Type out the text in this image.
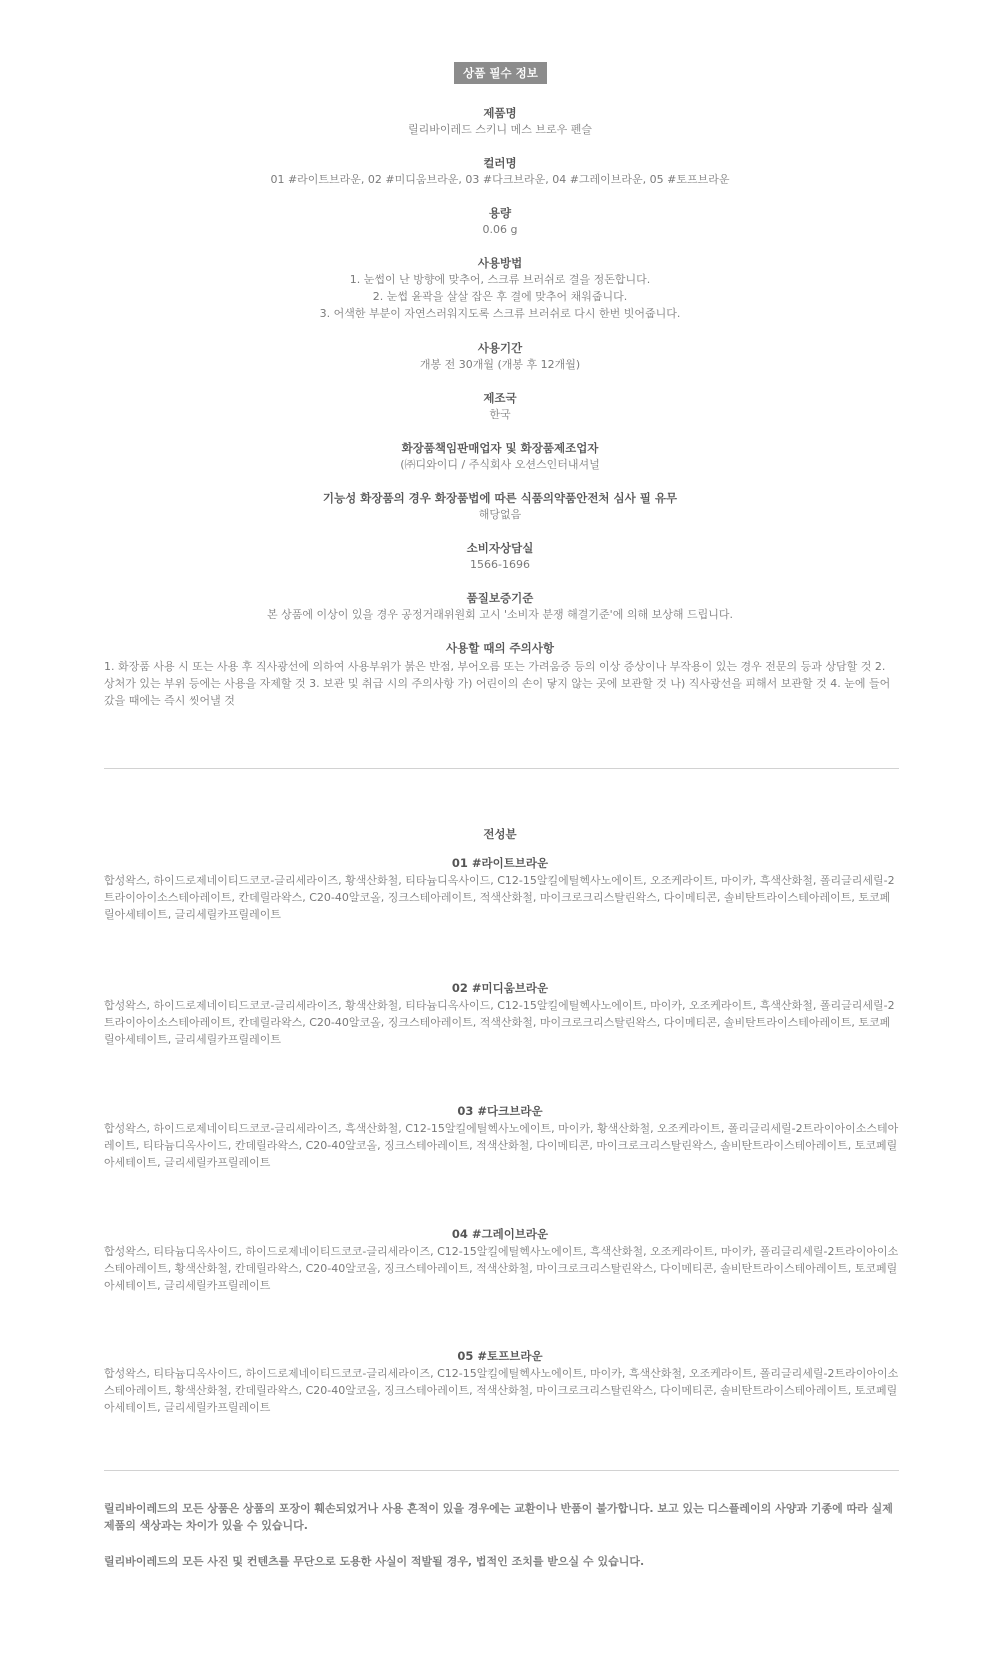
상품 필수 정보
제품명
릴리바이레드 스키니 메스 브로우 펜슬
컬러명
01 #라이트브라운, 02 #미디움브라운, 03 #다크브라운, 04 #그레이브라운, 05 #토프브라운
용량
0.06 g
사용방법
1. 눈썹이 난 방향에 맞추어, 스크류 브러쉬로 결을 정돈합니다.
2. 눈썹 윤곽을 살살 잡은 후 결에 맞추어 채워줍니다.
3. 어색한 부분이 자연스러워지도록 스크류 브러쉬로 다시 한번 빗어줍니다.
사용기간
개봉 전 30개월 (개봉 후 12개월)
제조국
한국
화장품책임판매업자 및 화장품제조업자
(㈜디와이디 / 주식회사 오션스인터내셔널
기능성 화장품의 경우 화장품법에 따른 식품의약품안전처 심사 필 유무
해당없음
소비자상담실
1566-1696
품질보증기준
본 상품에 이상이 있을 경우 공정거래위원회 고시 '소비자 분쟁 해결기준'에 의해 보상해 드립니다.
사용할 때의 주의사항
1. 화장품 사용 시 또는 사용 후 직사광선에 의하여 사용부위가 붉은 반점, 부어오름 또는 가려움증 등의 이상 증상이나 부작용이 있는 경우 전문의 등과 상담할 것 2. 상처가 있는 부위 등에는 사용을 자제할 것 3. 보관 및 취급 시의 주의사항 가) 어린이의 손이 닿지 않는 곳에 보관할 것 나) 직사광선을 피해서 보관할 것 4. 눈에 들어갔을 때에는 즉시 씻어낼 것
전성분
01 #라이트브라운
합성왁스, 하이드로제네이티드코코-글리세라이즈, 황색산화철, 티타늄디옥사이드, C12-15알킬에틸헥사노에이트, 오조케라이트, 마이카, 흑색산화철, 폴리글리세릴-2트라이아이소스테아레이트, 칸데릴라왁스, C20-40알코올, 징크스테아레이트, 적색산화철, 마이크로크리스탈린왁스, 다이메티콘, 솔비탄트라이스테아레이트, 토코페릴아세테이트, 글리세릴카프릴레이트
02 #미디움브라운
합성왁스, 하이드로제네이티드코코-글리세라이즈, 황색산화철, 티타늄디옥사이드, C12-15알킬에틸헥사노에이트, 마이카, 오조케라이트, 흑색산화철, 폴리글리세릴-2트라이아이소스테아레이트, 칸데릴라왁스, C20-40알코올, 징크스테아레이트, 적색산화철, 마이크로크리스탈린왁스, 다이메티콘, 솔비탄트라이스테아레이트, 토코페릴아세테이트, 글리세릴카프릴레이트
03 #다크브라운
합성왁스, 하이드로제네이티드코코-글리세라이즈, 흑색산화철, C12-15알킬에틸헥사노에이트, 마이카, 황색산화철, 오조케라이트, 폴리글리세릴-2트라이아이소스테아레이트, 티타늄디옥사이드, 칸데릴라왁스, C20-40알코올, 징크스테아레이트, 적색산화철, 다이메티콘, 마이크로크리스탈린왁스, 솔비탄트라이스테아레이트, 토코페릴아세테이트, 글리세릴카프릴레이트
04 #그레이브라운
합성왁스, 티타늄디옥사이드, 하이드로제네이티드코코-글리세라이즈, C12-15알킬에틸헥사노에이트, 흑색산화철, 오조케라이트, 마이카, 폴리글리세릴-2트라이아이소스테아레이트, 황색산화철, 칸데릴라왁스, C20-40알코올, 징크스테아레이트, 적색산화철, 마이크로크리스탈린왁스, 다이메티콘, 솔비탄트라이스테아레이트, 토코페릴아세테이트, 글리세릴카프릴레이트
05 #토프브라운
합성왁스, 티타늄디옥사이드, 하이드로제네이티드코코-글리세라이즈, C12-15알킬에틸헥사노에이트, 마이카, 흑색산화철, 오조케라이트, 폴리글리세릴-2트라이아이소스테아레이트, 황색산화철, 칸데릴라왁스, C20-40알코올, 징크스테아레이트, 적색산화철, 마이크로크리스탈린왁스, 다이메티콘, 솔비탄트라이스테아레이트, 토코페릴아세테이트, 글리세릴카프릴레이트
릴리바이레드의 모든 상품은 상품의 포장이 훼손되었거나 사용 흔적이 있을 경우에는 교환이나 반품이 불가합니다. 보고 있는 디스플레이의 사양과 기종에 따라 실제 제품의 색상과는 차이가 있을 수 있습니다.
릴리바이레드의 모든 사진 및 컨텐츠를 무단으로 도용한 사실이 적발될 경우, 법적인 조치를 받으실 수 있습니다.
